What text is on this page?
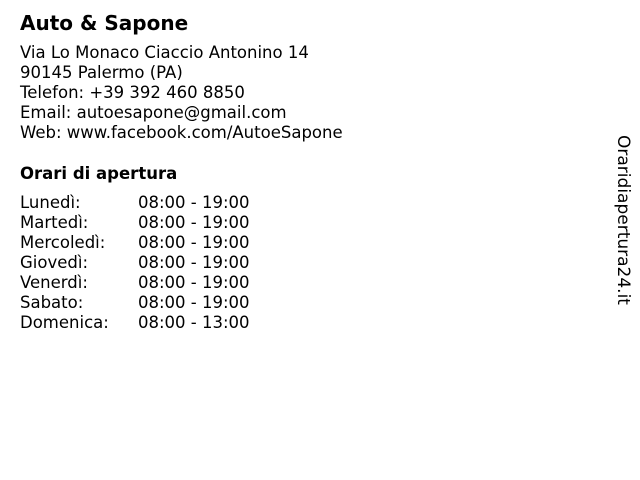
Auto & Sapone
Via Lo Monaco Ciaccio Antonino 14
90145 Palermo (PA)
Telefon: +39 392 460 8850
Email: autoesapone@gmail.com
Web: www.facebook.com/AutoeSapone
Orari di apertura
Lunedì:	08:00 - 19:00
Martedì:	08:00 - 19:00
Mercoledì:	08:00 - 19:00
Giovedì:	08:00 - 19:00
Venerdì:	08:00 - 19:00
Sabato:	08:00 - 19:00
Domenica:	08:00 - 13:00
Oraridiapertura24.it
